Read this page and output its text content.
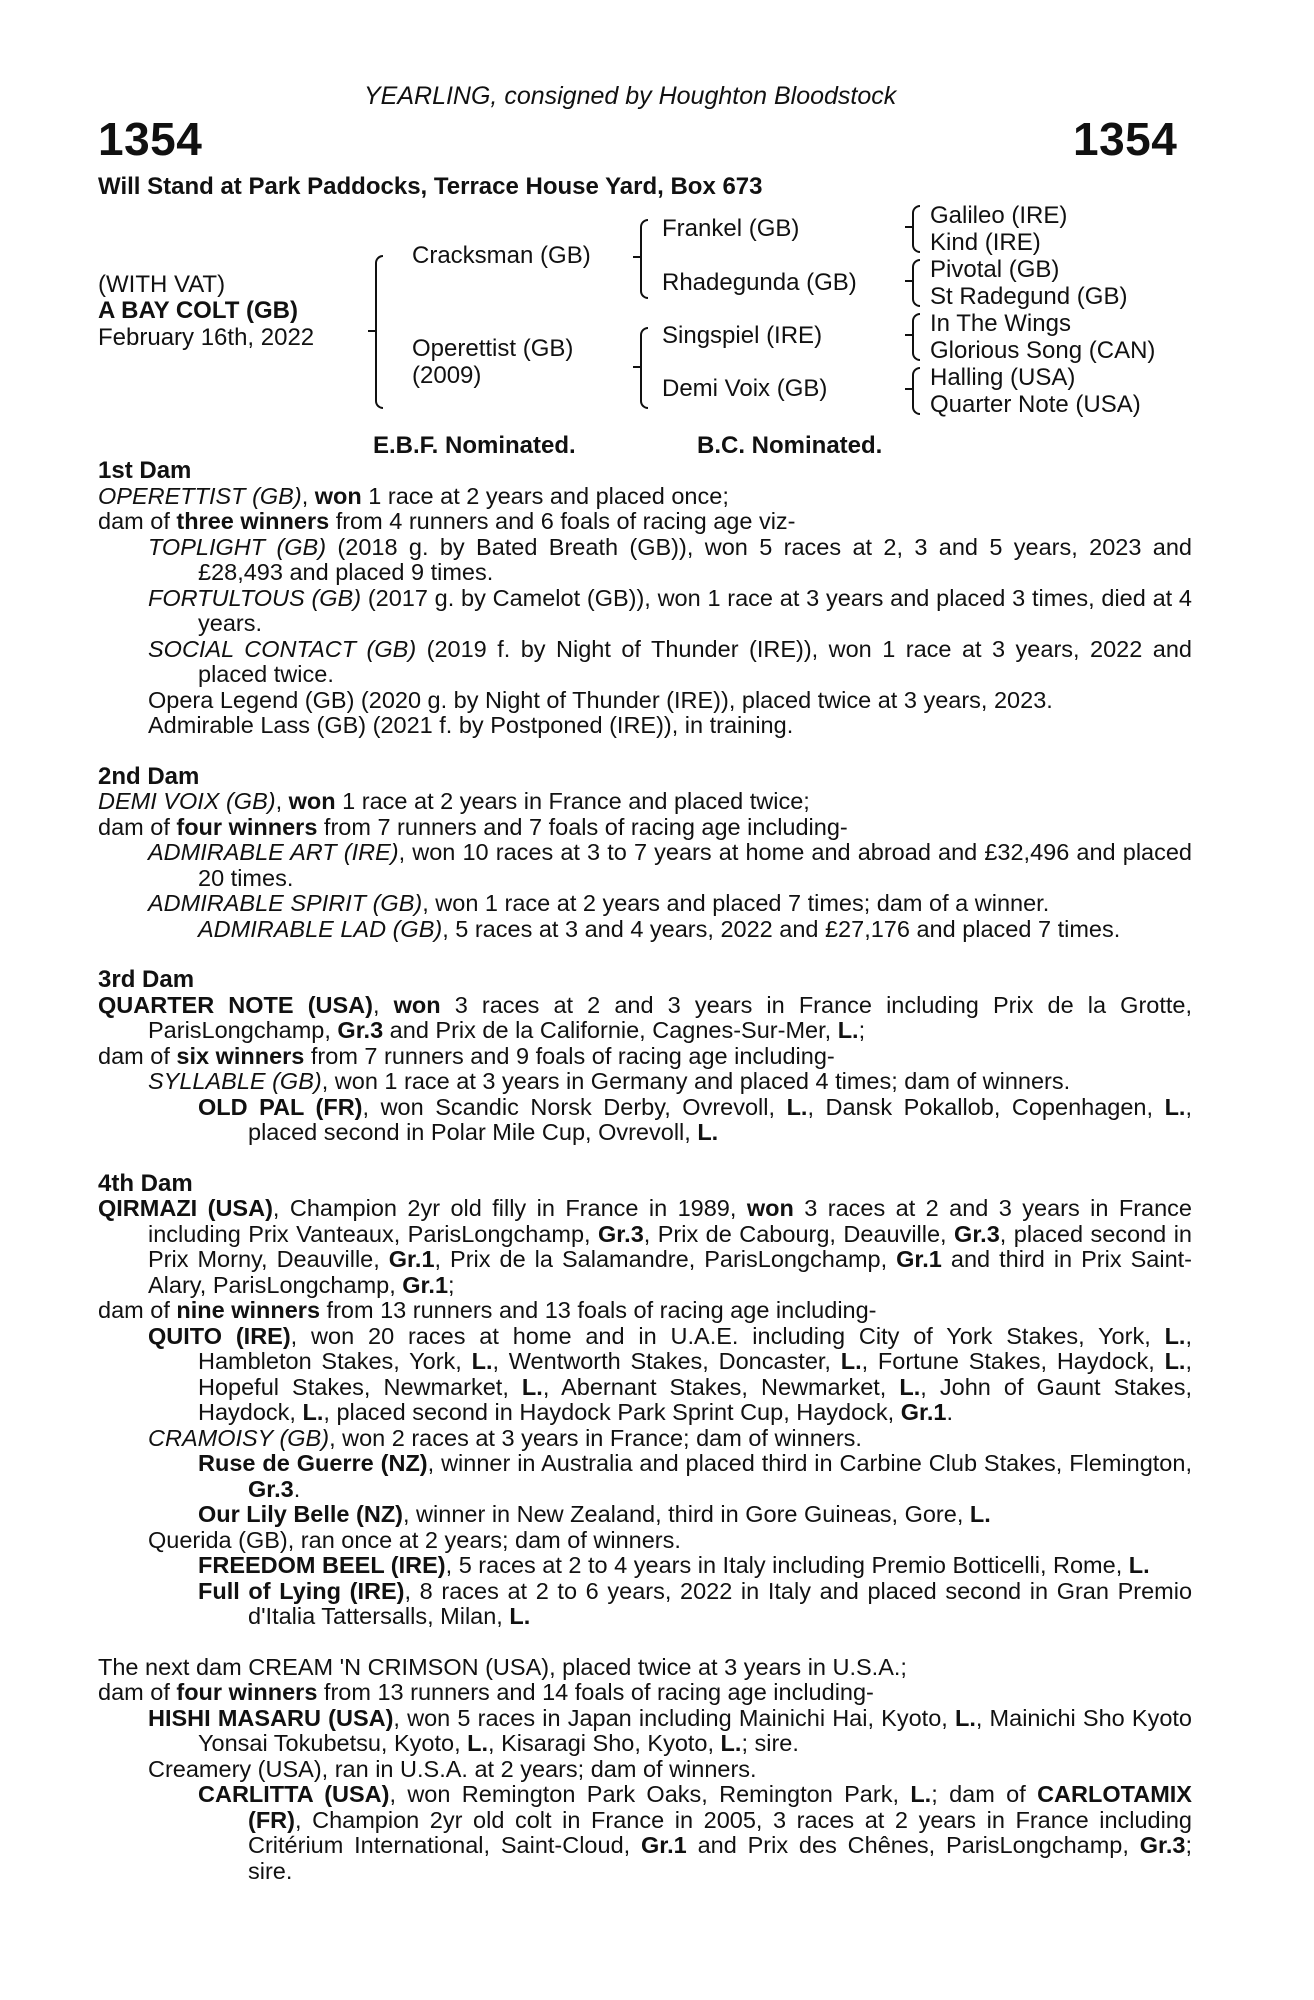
YEARLING, consigned by Houghton Bloodstock
1354	1354
Will Stand at Park Paddocks, Terrace House Yard, Box 673
(WITH VAT)
A BAY COLT (GB)
February 16th, 2022
Cracksman (GB)
Operettist (GB)
(2009)
Frankel (GB)
Rhadegunda (GB)
Singspiel (IRE)
Demi Voix (GB)
Galileo (IRE)
Kind (IRE)
Pivotal (GB)
St Radegund (GB)
In The Wings
Glorious Song (CAN)
Halling (USA)
Quarter Note (USA)
E.B.F. Nominated.	B.C. Nominated.
1st Dam
OPERETTIST (GB), won 1 race at 2 years and placed once;
dam of three winners from 4 runners and 6 foals of racing age viz-
TOPLIGHT (GB) (2018 g. by Bated Breath (GB)), won 5 races at 2, 3 and 5 years, 2023 and £28,493 and placed 9 times.
FORTULTOUS (GB) (2017 g. by Camelot (GB)), won 1 race at 3 years and placed 3 times, died at 4 years.
SOCIAL CONTACT (GB) (2019 f. by Night of Thunder (IRE)), won 1 race at 3 years, 2022 and placed twice.
Opera Legend (GB) (2020 g. by Night of Thunder (IRE)), placed twice at 3 years, 2023.
Admirable Lass (GB) (2021 f. by Postponed (IRE)), in training.
2nd Dam
DEMI VOIX (GB), won 1 race at 2 years in France and placed twice;
dam of four winners from 7 runners and 7 foals of racing age including-
ADMIRABLE ART (IRE), won 10 races at 3 to 7 years at home and abroad and £32,496 and placed 20 times.
ADMIRABLE SPIRIT (GB), won 1 race at 2 years and placed 7 times; dam of a winner.
ADMIRABLE LAD (GB), 5 races at 3 and 4 years, 2022 and £27,176 and placed 7 times.
3rd Dam
QUARTER NOTE (USA), won 3 races at 2 and 3 years in France including Prix de la Grotte, ParisLongchamp, Gr.3 and Prix de la Californie, Cagnes-Sur-Mer, L.;
dam of six winners from 7 runners and 9 foals of racing age including-
SYLLABLE (GB), won 1 race at 3 years in Germany and placed 4 times; dam of winners.
OLD PAL (FR), won Scandic Norsk Derby, Ovrevoll, L., Dansk Pokallob, Copenhagen, L., placed second in Polar Mile Cup, Ovrevoll, L.
4th Dam
QIRMAZI (USA), Champion 2yr old filly in France in 1989, won 3 races at 2 and 3 years in France including Prix Vanteaux, ParisLongchamp, Gr.3, Prix de Cabourg, Deauville, Gr.3, placed second in Prix Morny, Deauville, Gr.1, Prix de la Salamandre, ParisLongchamp, Gr.1 and third in Prix Saint-Alary, ParisLongchamp, Gr.1;
dam of nine winners from 13 runners and 13 foals of racing age including-
QUITO (IRE), won 20 races at home and in U.A.E. including City of York Stakes, York, L., Hambleton Stakes, York, L., Wentworth Stakes, Doncaster, L., Fortune Stakes, Haydock, L., Hopeful Stakes, Newmarket, L., Abernant Stakes, Newmarket, L., John of Gaunt Stakes, Haydock, L., placed second in Haydock Park Sprint Cup, Haydock, Gr.1.
CRAMOISY (GB), won 2 races at 3 years in France; dam of winners.
Ruse de Guerre (NZ), winner in Australia and placed third in Carbine Club Stakes, Flemington, Gr.3.
Our Lily Belle (NZ), winner in New Zealand, third in Gore Guineas, Gore, L.
Querida (GB), ran once at 2 years; dam of winners.
FREEDOM BEEL (IRE), 5 races at 2 to 4 years in Italy including Premio Botticelli, Rome, L.
Full of Lying (IRE), 8 races at 2 to 6 years, 2022 in Italy and placed second in Gran Premio d'Italia Tattersalls, Milan, L.
The next dam CREAM 'N CRIMSON (USA), placed twice at 3 years in U.S.A.;
dam of four winners from 13 runners and 14 foals of racing age including-
HISHI MASARU (USA), won 5 races in Japan including Mainichi Hai, Kyoto, L., Mainichi Sho Kyoto Yonsai Tokubetsu, Kyoto, L., Kisaragi Sho, Kyoto, L.; sire.
Creamery (USA), ran in U.S.A. at 2 years; dam of winners.
CARLITTA (USA), won Remington Park Oaks, Remington Park, L.; dam of CARLOTAMIX (FR), Champion 2yr old colt in France in 2005, 3 races at 2 years in France including Critérium International, Saint-Cloud, Gr.1 and Prix des Chênes, ParisLongchamp, Gr.3; sire.
